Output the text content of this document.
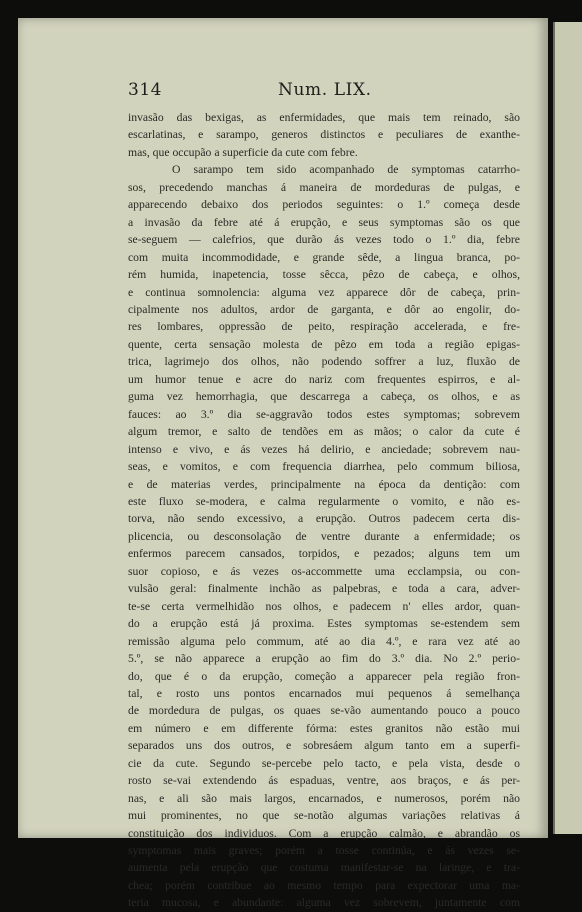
314	Num. LIX.
invasão das bexigas, as enfermidades, que mais tem reinado, são
escarlatinas, e sarampo, generos distinctos e peculiares de exanthe-
mas, que occupão a superficie da cute com febre.
O sarampo tem sido acompanhado de symptomas catarrho-
sos, precedendo manchas á maneira de mordeduras de pulgas, e
apparecendo debaixo dos periodos seguintes: o 1.º começa desde
a invasão da febre até á erupção, e seus symptomas são os que
se-seguem — calefrios, que durão ás vezes todo o 1.º dia, febre
com muita incommodidade, e grande sêde, a lingua branca, po-
rém humida, inapetencia, tosse sêcca, pêzo de cabeça, e olhos,
e continua somnolencia: alguma vez apparece dôr de cabeça, prin-
cipalmente nos adultos, ardor de garganta, e dôr ao engolir, do-
res lombares, oppressão de peito, respiração accelerada, e fre-
quente, certa sensação molesta de pêzo em toda a região epigas-
trica, lagrimejo dos olhos, não podendo soffrer a luz, fluxão de
um humor tenue e acre do nariz com frequentes espirros, e al-
guma vez hemorrhagia, que descarrega a cabeça, os olhos, e as
fauces: ao 3.º dia se-aggravão todos estes symptomas; sobrevem
algum tremor, e salto de tendões em as mãos; o calor da cute é
intenso e vivo, e ás vezes há delirio, e anciedade; sobrevem nau-
seas, e vomitos, e com frequencia diarrhea, pelo commum biliosa,
e de materias verdes, principalmente na época da dentição: com
este fluxo se-modera, e calma regularmente o vomito, e não es-
torva, não sendo excessivo, a erupção. Outros padecem certa dis-
plicencia, ou desconsolação de ventre durante a enfermidade; os
enfermos parecem cansados, torpidos, e pezados; alguns tem um
suor copioso, e ás vezes os-accommette uma ecclampsia, ou con-
vulsão geral: finalmente inchão as palpebras, e toda a cara, adver-
te-se certa vermelhidão nos olhos, e padecem n' elles ardor, quan-
do a erupção está já proxima. Estes symptomas se-estendem sem
remissão alguma pelo commum, até ao dia 4.º, e rara vez até ao
5.º, se não apparece a erupção ao fim do 3.º dia. No 2.º perio-
do, que é o da erupção, começão a apparecer pela região fron-
tal, e rosto uns pontos encarnados mui pequenos á semelhança
de mordedura de pulgas, os quaes se-vão aumentando pouco a pouco
em número e em differente fórma: estes granitos não estão mui
separados uns dos outros, e sobresáem algum tanto em a superfi-
cie da cute. Segundo se-percebe pelo tacto, e pela vista, desde o
rosto se-vai extendendo ás espaduas, ventre, aos braços, e ás per-
nas, e ali são mais largos, encarnados, e numerosos, porém não
mui prominentes, no que se-notão algumas variações relativas á
constituição dos individuos. Com a erupção calmão, e abrandão os
symptomas mais graves; porém a tosse continúa, e ás vezes se-
aumenta pela erupção que costuma manifestar-se na laringe, e tra-
chea; porém contribue ao mesmo tempo para expectorar uma ma-
teria mucosa, e abundante: alguma vez sobrevem, juntamente com
